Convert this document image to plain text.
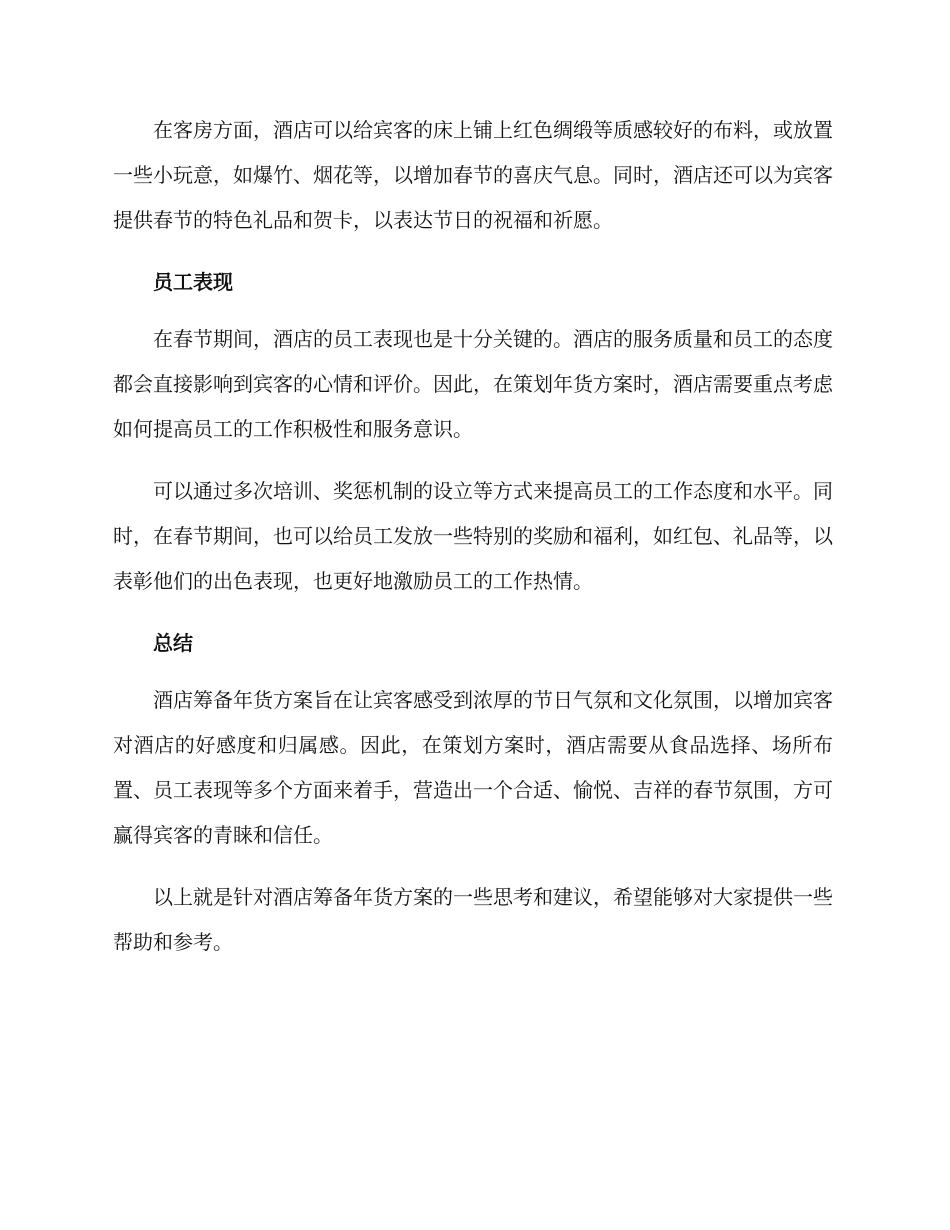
在客房方面，酒店可以给宾客的床上铺上红色绸缎等质感较好的布料，或放置一些小玩意，如爆竹、烟花等，以增加春节的喜庆气息。同时，酒店还可以为宾客提供春节的特色礼品和贺卡，以表达节日的祝福和祈愿。

员工表现

在春节期间，酒店的员工表现也是十分关键的。酒店的服务质量和员工的态度都会直接影响到宾客的心情和评价。因此，在策划年货方案时，酒店需要重点考虑如何提高员工的工作积极性和服务意识。

可以通过多次培训、奖惩机制的设立等方式来提高员工的工作态度和水平。同时，在春节期间，也可以给员工发放一些特别的奖励和福利，如红包、礼品等，以表彰他们的出色表现，也更好地激励员工的工作热情。

总结

酒店筹备年货方案旨在让宾客感受到浓厚的节日气氛和文化氛围，以增加宾客对酒店的好感度和归属感。因此，在策划方案时，酒店需要从食品选择、场所布置、员工表现等多个方面来着手，营造出一个合适、愉悦、吉祥的春节氛围，方可赢得宾客的青睐和信任。

以上就是针对酒店筹备年货方案的一些思考和建议，希望能够对大家提供一些帮助和参考。
